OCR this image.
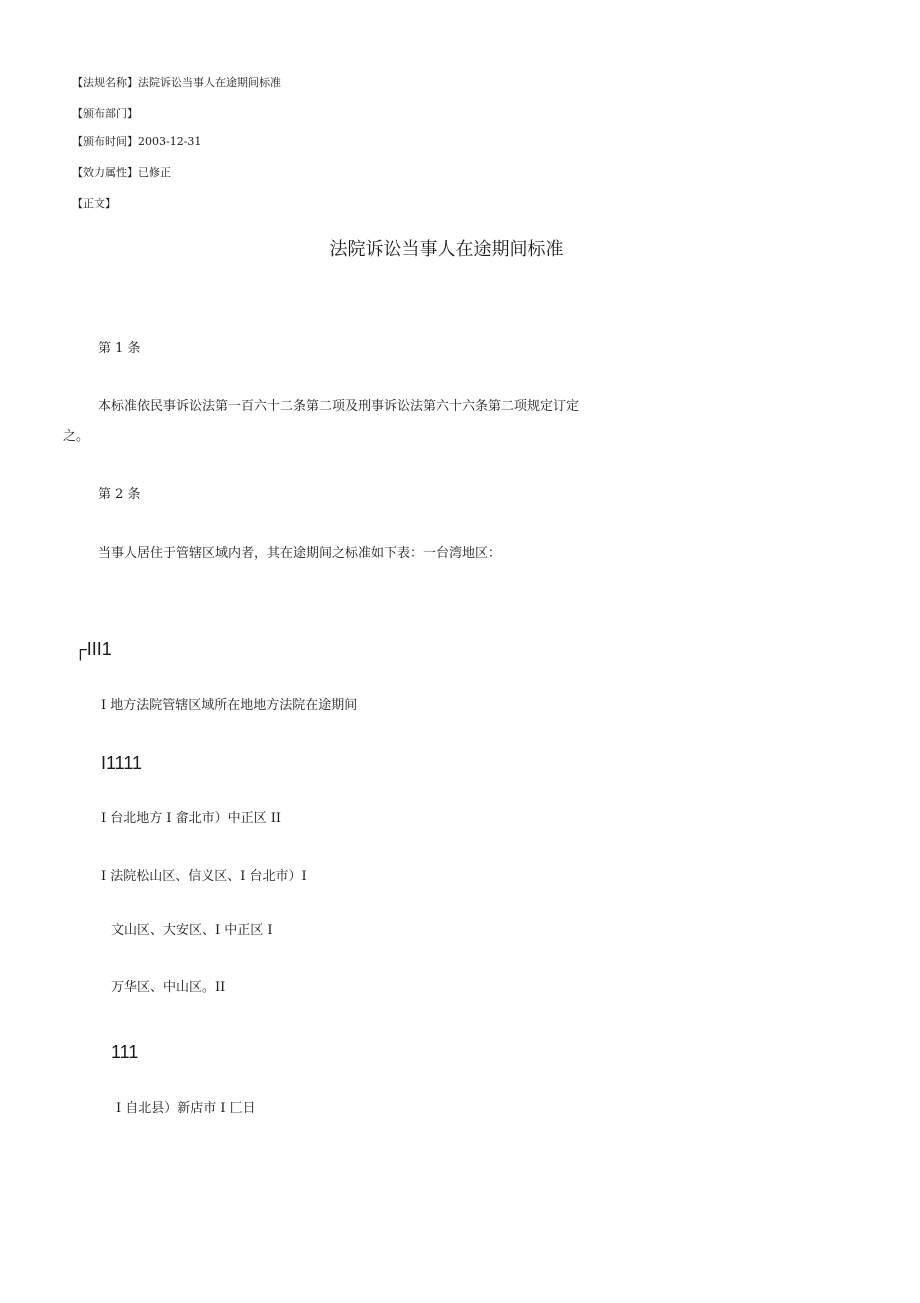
【法规名称】法院诉讼当事人在途期间标准
【颁布部门】
【颁布时间】2003-12-31
【效力属性】已修正
【正文】
法院诉讼当事人在途期间标准
第 1 条
本标准依民事诉讼法第一百六十二条第二项及刑事诉讼法第六十六条第二项规定订定
之。
第 2 条
当事人居住于管辖区域内者，其在途期间之标准如下表：一台湾地区：
┌III1
I 地方法院管辖区域所在地地方法院在途期间
I1111
I 台北地方 I 畲北市）中正区 II
I 法院松山区、信义区、I 台北市）I
文山区、大安区、I 中正区 I
万华区、中山区。II
111
I 自北县）新店市 I 匚日
